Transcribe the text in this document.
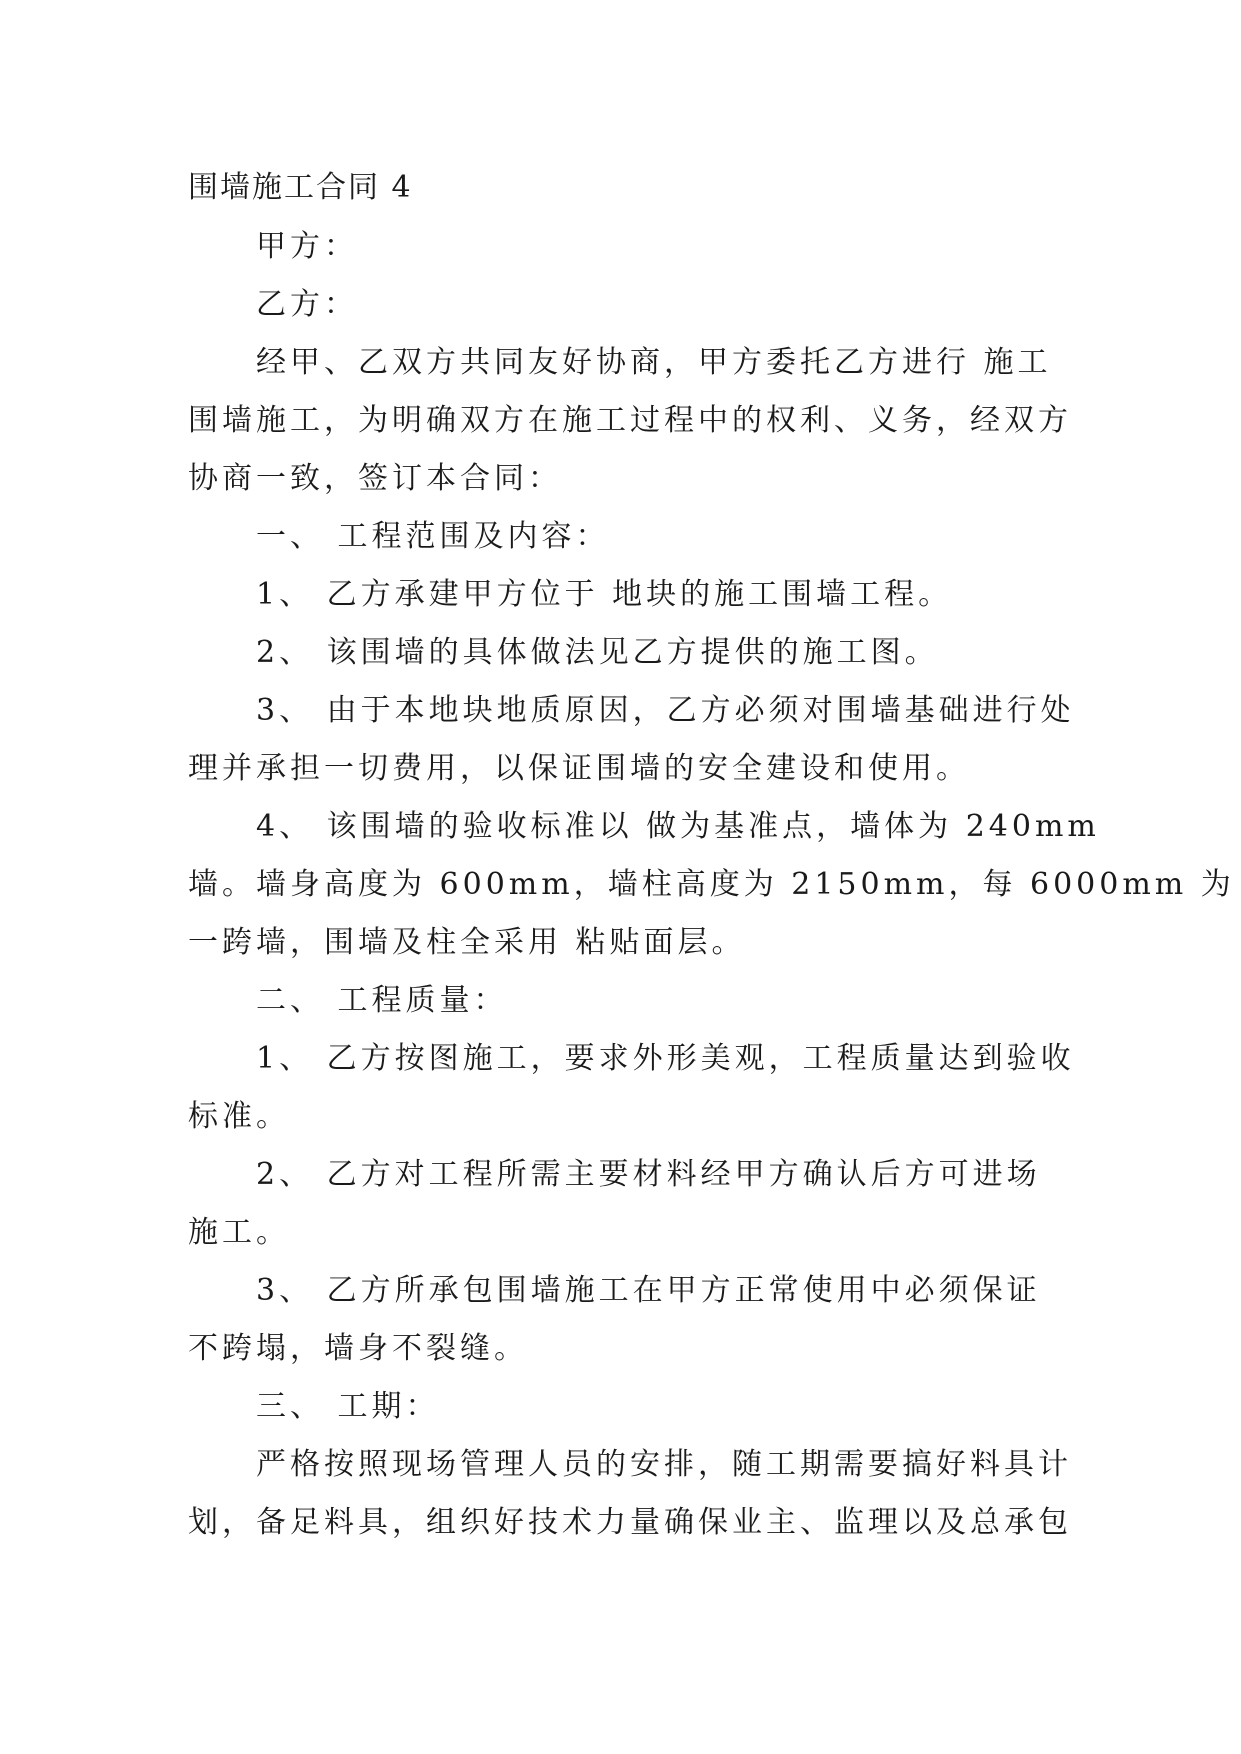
围墙施工合同 4
甲方：
乙方：
经甲、乙双方共同友好协商，甲方委托乙方进行 施工
围墙施工，为明确双方在施工过程中的权利、义务，经双方
协商一致，签订本合同：
一、 工程范围及内容：
1、 乙方承建甲方位于 地块的施工围墙工程。
2、 该围墙的具体做法见乙方提供的施工图。
3、 由于本地块地质原因，乙方必须对围墙基础进行处
理并承担一切费用，以保证围墙的安全建设和使用。
4、 该围墙的验收标准以 做为基准点，墙体为 240mm
墙。墙身高度为 600mm，墙柱高度为 2150mm，每 6000mm 为
一跨墙，围墙及柱全采用 粘贴面层。
二、 工程质量：
1、 乙方按图施工，要求外形美观，工程质量达到验收
标准。
2、 乙方对工程所需主要材料经甲方确认后方可进场
施工。
3、 乙方所承包围墙施工在甲方正常使用中必须保证
不跨塌，墙身不裂缝。
三、 工期：
严格按照现场管理人员的安排，随工期需要搞好料具计
划，备足料具，组织好技术力量确保业主、监理以及总承包
